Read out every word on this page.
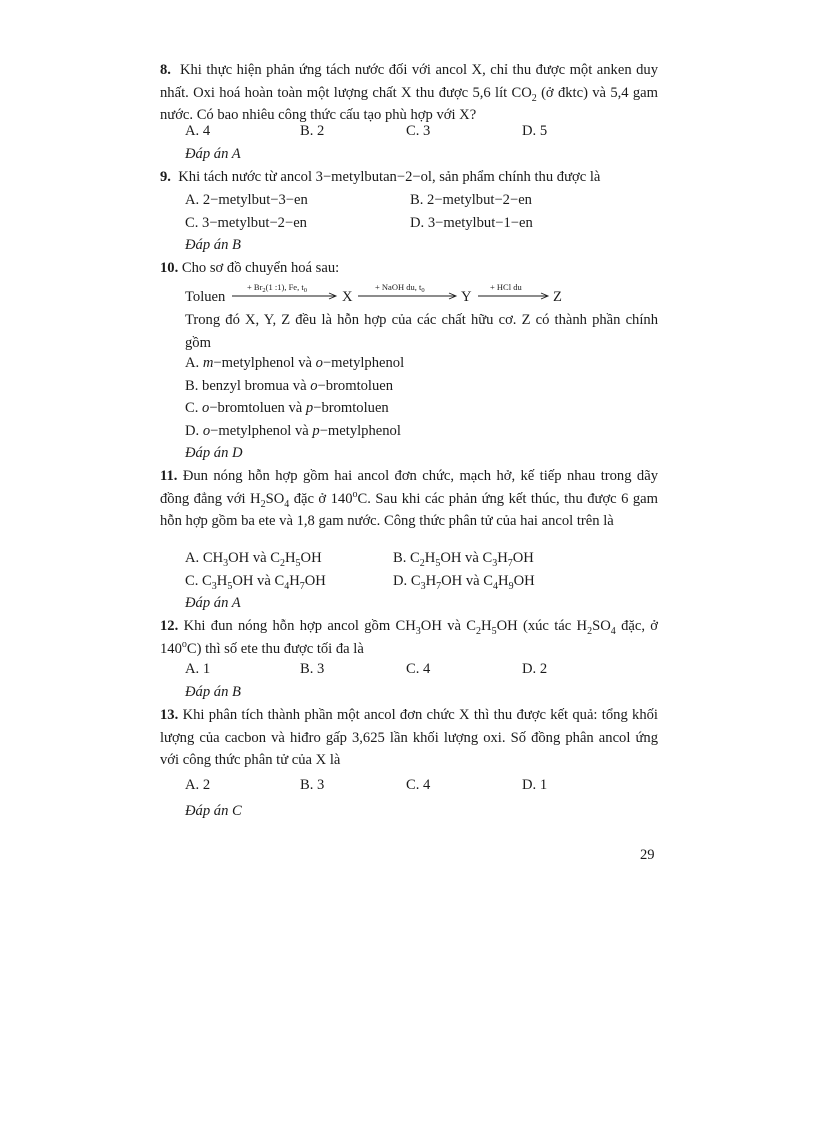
8. Khi thực hiện phản ứng tách nước đối với ancol X, chỉ thu được một anken duy nhất. Oxi hoá hoàn toàn một lượng chất X thu được 5,6 lít $CO_2$ (ở đktc) và 5,4 gam nước. Có bao nhiêu công thức cấu tạo phù hợp với X?
A. 4	B. 2	C. 3	D. 5
Đáp án A
9. Khi tách nước từ ancol 3−metylbutan−2−ol, sản phẩm chính thu được là
A. 2−metylbut−3−en	B. 2−metylbut−2−en
C. 3−metylbut−2−en	D. 3−metylbut−1−en
Đáp án B
10. Cho sơ đồ chuyển hoá sau:
Toluen
+ $Br_2(1$ :1), Fe, $t_0$ X
+ NaOH du, $t_0$ Y
+ HCl du
Z
Trong đó X, Y, Z đều là hỗn hợp của các chất hữu cơ. Z có thành phần chính gồm
A. m−metylphenol và o−metylphenol
B. benzyl bromua và o−bromtoluen
C. o−bromtoluen và p−bromtoluen
D. o−metylphenol và p−metylphenol
Đáp án D
11. Đun nóng hỗn hợp gồm hai ancol đơn chức, mạch hở, kế tiếp nhau trong dãy đồng đẳng với $H_2SO_4$ đặc ở 140$^o$C. Sau khi các phản ứng kết thúc, thu được 6 gam hỗn hợp gồm ba ete và 1,8 gam nước. Công thức phân tử của hai ancol trên là
A. $CH_3OH$ và $C_2H_5OH$	B. $C_2H_5OH$ và $C_3H_7OH$
C. $C_3H_5OH$ và $C_4H_7OH$	D. $C_3H_7OH$ và $C_4H_9OH$
Đáp án A
12. Khi đun nóng hỗn hợp ancol gồm $CH_3OH$ và $C_2H_5OH$ (xúc tác $H_2SO_4$ đặc, ở 140$^o$C) thì số ete thu được tối đa là
A. 1	B. 3	C. 4	D. 2
Đáp án B
13. Khi phân tích thành phần một ancol đơn chức X thì thu được kết quả: tổng khối lượng của cacbon và hiđro gấp 3,625 lần khối lượng oxi. Số đồng phân ancol ứng với công thức phân tử của X là
A. 2	B. 3	C. 4	D. 1
Đáp án C
29
